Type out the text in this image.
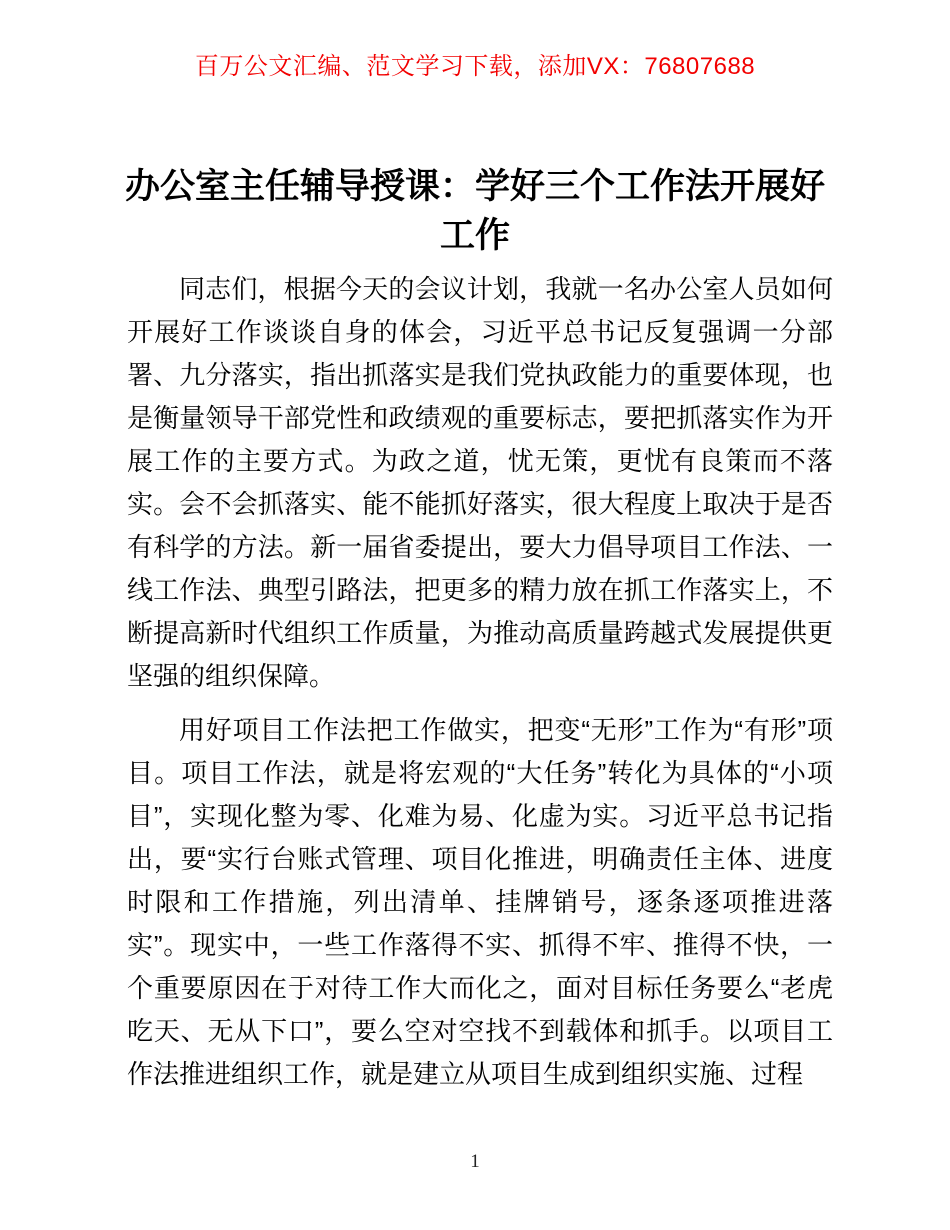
百万公文汇编、范文学习下载，添加VX：76807688
办公室主任辅导授课：学好三个工作法开展好工作

同志们，根据今天的会议计划，我就一名办公室人员如何开展好工作谈谈自身的体会，习近平总书记反复强调一分部署、九分落实，指出抓落实是我们党执政能力的重要体现，也是衡量领导干部党性和政绩观的重要标志，要把抓落实作为开展工作的主要方式。为政之道，忧无策，更忧有良策而不落实。会不会抓落实、能不能抓好落实，很大程度上取决于是否有科学的方法。新一届省委提出，要大力倡导项目工作法、一线工作法、典型引路法，把更多的精力放在抓工作落实上，不断提高新时代组织工作质量，为推动高质量跨越式发展提供更坚强的组织保障。

用好项目工作法把工作做实，把变“无形”工作为“有形”项目。项目工作法，就是将宏观的“大任务”转化为具体的“小项目”，实现化整为零、化难为易、化虚为实。习近平总书记指出，要“实行台账式管理、项目化推进，明确责任主体、进度时限和工作措施，列出清单、挂牌销号，逐条逐项推进落实”。现实中，一些工作落得不实、抓得不牢、推得不快，一个重要原因在于对待工作大而化之，面对目标任务要么“老虎吃天、无从下口”，要么空对空找不到载体和抓手。以项目工作法推进组织工作，就是建立从项目生成到组织实施、过程

1
